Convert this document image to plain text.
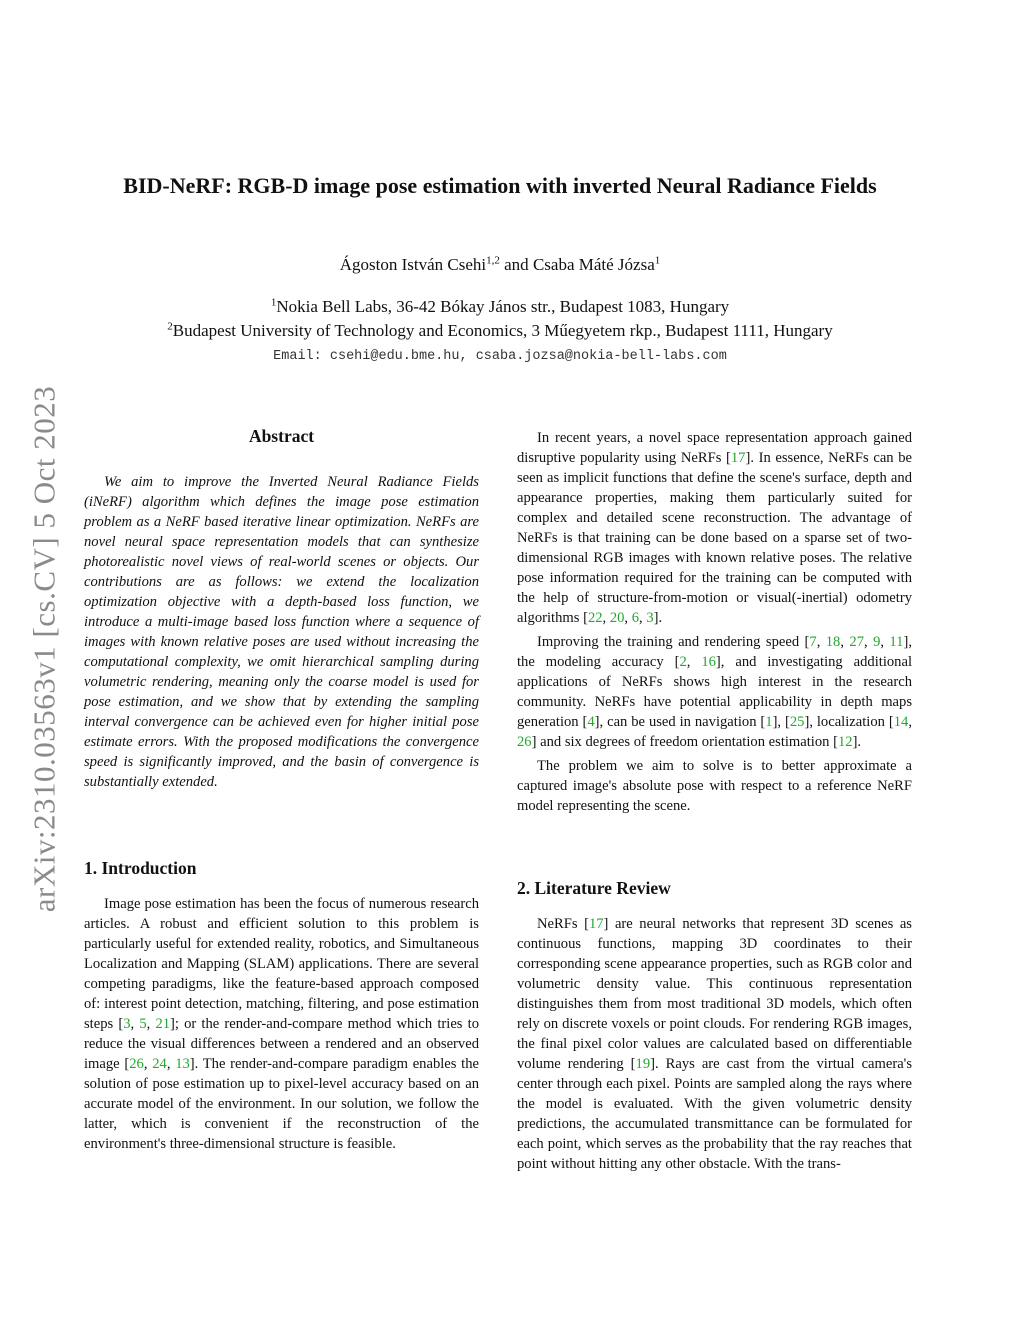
arXiv:2310.03563v1 [cs.CV] 5 Oct 2023
BID-NeRF: RGB-D image pose estimation with inverted Neural Radiance Fields
Ágoston István Csehi$^{1,2}$ and Csaba Máté Józsa$^1$
$^1$Nokia Bell Labs, 36-42 Bókay János str., Budapest 1083, Hungary
$^2$Budapest University of Technology and Economics, 3 Műegyetem rkp., Budapest 1111, Hungary
Email: csehi@edu.bme.hu, csaba.jozsa@nokia-bell-labs.com
Abstract

We aim to improve the Inverted Neural Radiance Fields (iNeRF) algorithm which defines the image pose estimation problem as a NeRF based iterative linear optimization. NeRFs are novel neural space representation models that can synthesize photorealistic novel views of real-world scenes or objects. Our contributions are as follows: we extend the localization optimization objective with a depth-based loss function, we introduce a multi-image based loss function where a sequence of images with known relative poses are used without increasing the computational complexity, we omit hierarchical sampling during volumetric rendering, meaning only the coarse model is used for pose estimation, and we show that by extending the sampling interval convergence can be achieved even for higher initial pose estimate errors. With the proposed modifications the convergence speed is significantly improved, and the basin of convergence is substantially extended.

1. Introduction

Image pose estimation has been the focus of numerous research articles. A robust and efficient solution to this problem is particularly useful for extended reality, robotics, and Simultaneous Localization and Mapping (SLAM) applications. There are several competing paradigms, like the feature-based approach composed of: interest point detection, matching, filtering, and pose estimation steps [3, 5, 21]; or the render-and-compare method which tries to reduce the visual differences between a rendered and an observed image [26, 24, 13]. The render-and-compare paradigm enables the solution of pose estimation up to pixel-level accuracy based on an accurate model of the environment. In our solution, we follow the latter, which is convenient if the reconstruction of the environment's three-dimensional structure is feasible.

In recent years, a novel space representation approach gained disruptive popularity using NeRFs [17]. In essence, NeRFs can be seen as implicit functions that define the scene's surface, depth and appearance properties, making them particularly suited for complex and detailed scene reconstruction. The advantage of NeRFs is that training can be done based on a sparse set of two-dimensional RGB images with known relative poses. The relative pose information required for the training can be computed with the help of structure-from-motion or visual(-inertial) odometry algorithms [22, 20, 6, 3].

Improving the training and rendering speed [7, 18, 27, 9, 11], the modeling accuracy [2, 16], and investigating additional applications of NeRFs shows high interest in the research community. NeRFs have potential applicability in depth maps generation [4], can be used in navigation [1], [25], localization [14, 26] and six degrees of freedom orientation estimation [12].

The problem we aim to solve is to better approximate a captured image's absolute pose with respect to a reference NeRF model representing the scene.

2. Literature Review

NeRFs [17] are neural networks that represent 3D scenes as continuous functions, mapping 3D coordinates to their corresponding scene appearance properties, such as RGB color and volumetric density value. This continuous representation distinguishes them from most traditional 3D models, which often rely on discrete voxels or point clouds. For rendering RGB images, the final pixel color values are calculated based on differentiable volume rendering [19]. Rays are cast from the virtual camera's center through each pixel. Points are sampled along the rays where the model is evaluated. With the given volumetric density predictions, the accumulated transmittance can be formulated for each point, which serves as the probability that the ray reaches that point without hitting any other obstacle. With the trans-
